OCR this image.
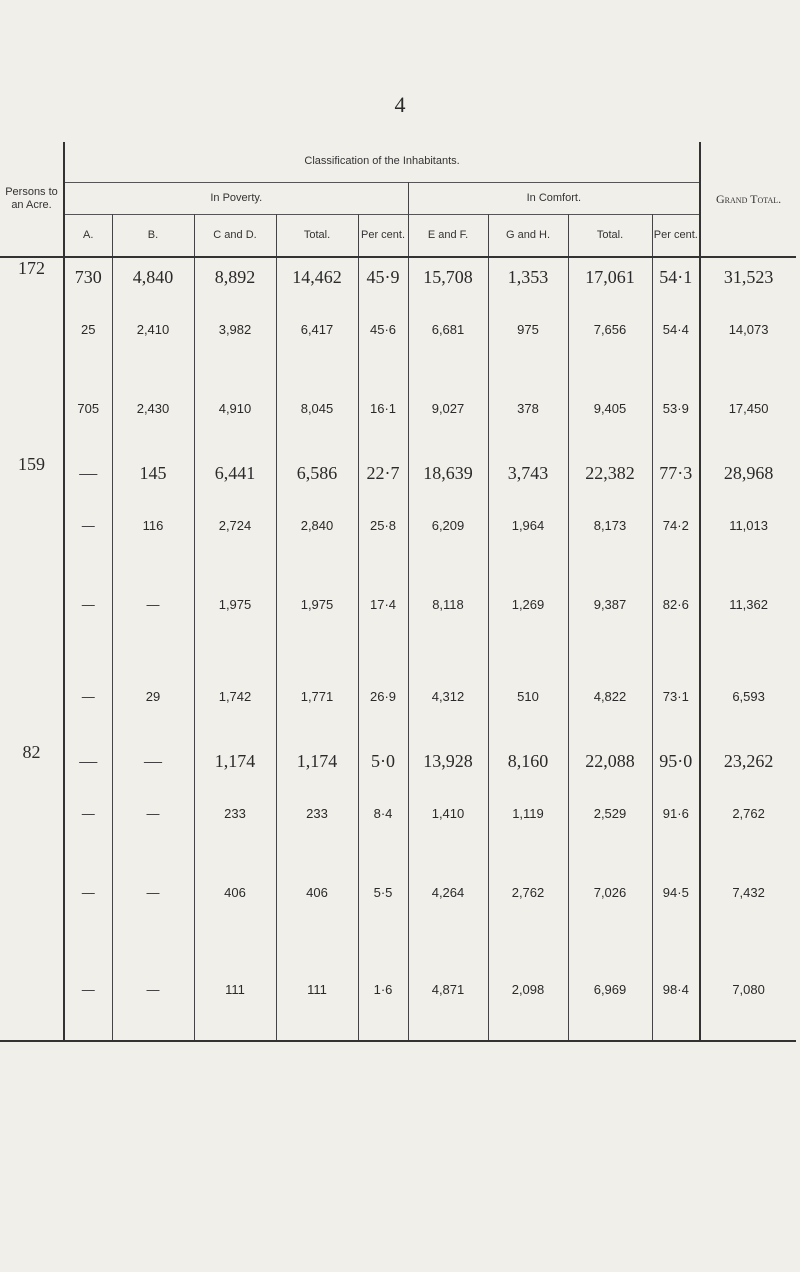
4
Persons to an Acre.	Classification of the Inhabitants.									Grand Total.
	In Poverty.					In Comfort.				
	A.	B.	C and D.	Total.	Per cent.	E and F.	G and H.	Total.	Per cent.	
172	730	4,840	8,892	14,462	45·9	15,708	1,353	17,061	54·1	31,523
	25	2,410	3,982	6,417	45·6	6,681	975	7,656	54·4	14,073
	705	2,430	4,910	8,045	16·1	9,027	378	9,405	53·9	17,450
159	—	145	6,441	6,586	22·7	18,639	3,743	22,382	77·3	28,968
	—	116	2,724	2,840	25·8	6,209	1,964	8,173	74·2	11,013
	—	—	1,975	1,975	17·4	8,118	1,269	9,387	82·6	11,362
	—	29	1,742	1,771	26·9	4,312	510	4,822	73·1	6,593
82	—	—	1,174	1,174	5·0	13,928	8,160	22,088	95·0	23,262
	—	—	233	233	8·4	1,410	1,119	2,529	91·6	2,762
	—	—	406	406	5·5	4,264	2,762	7,026	94·5	7,432
	—	—	111	111	1·6	4,871	2,098	6,969	98·4	7,080
